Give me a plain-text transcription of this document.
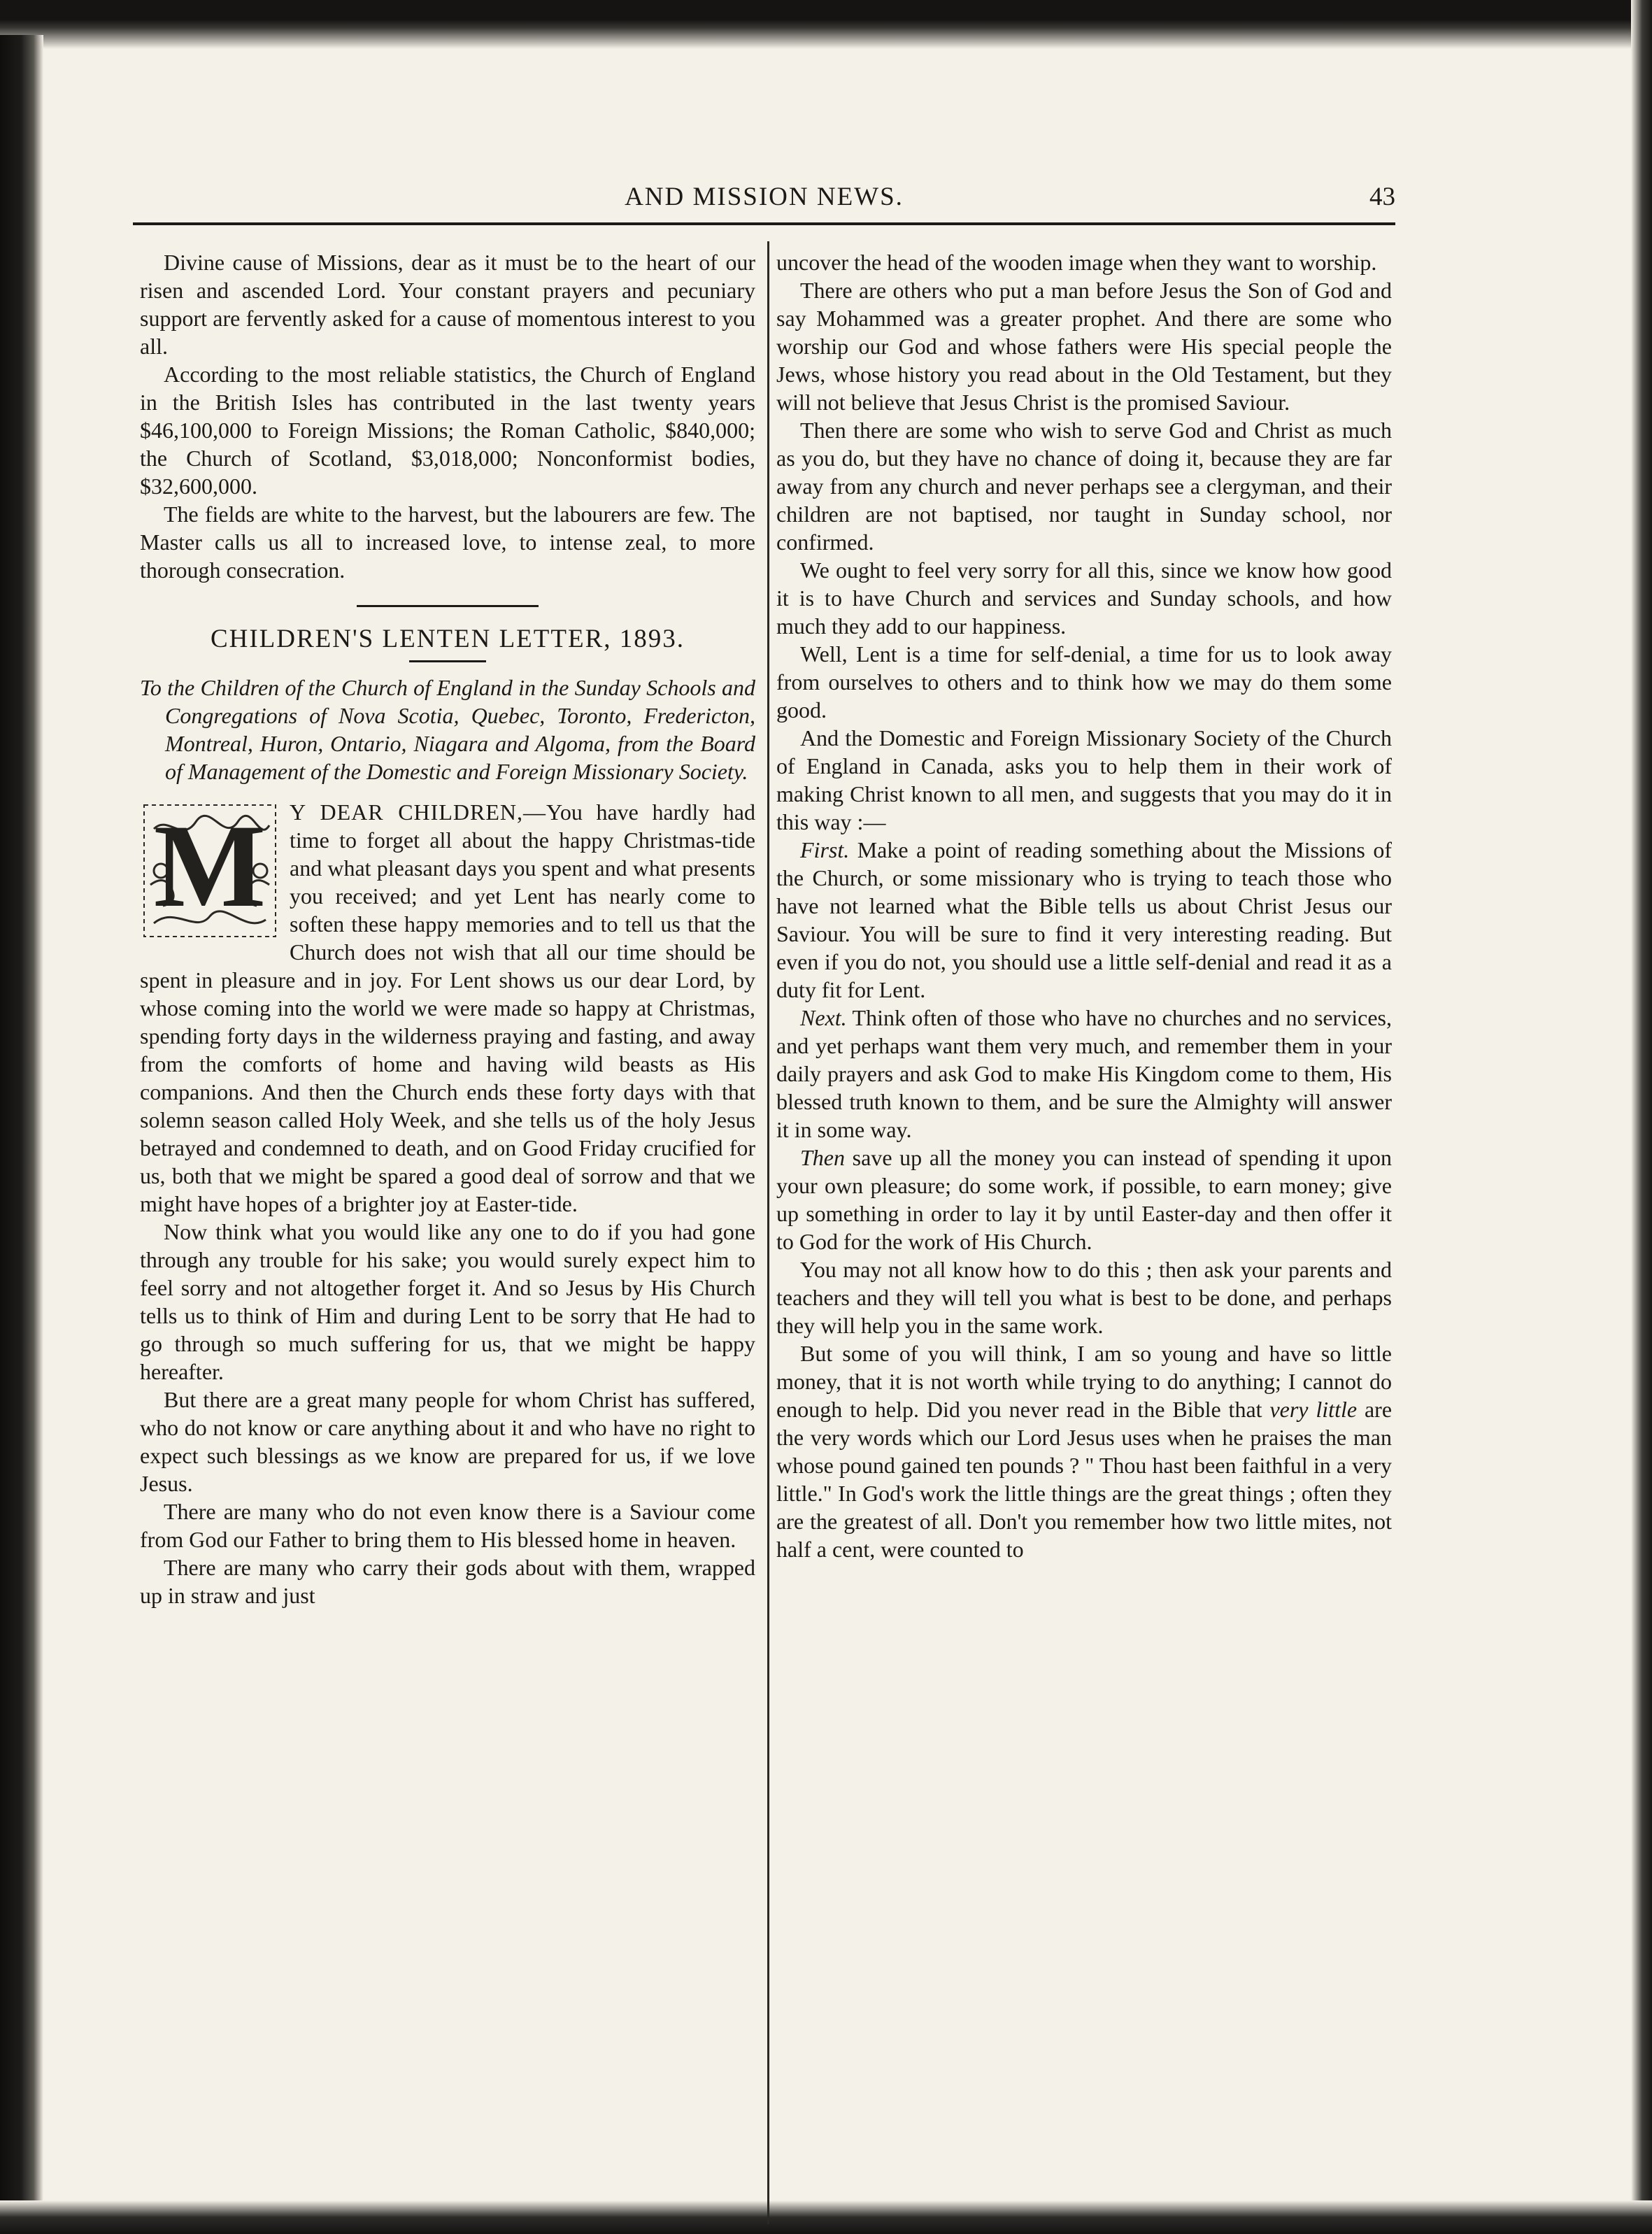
AND MISSION NEWS.	43

Divine cause of Missions, dear as it must be to the heart of our risen and ascended Lord. Your constant prayers and pecuniary support are fervently asked for a cause of momentous interest to you all.

According to the most reliable statistics, the Church of England in the British Isles has contributed in the last twenty years $46,100,000 to Foreign Missions; the Roman Catholic, $840,000; the Church of Scotland, $3,018,000; Nonconformist bodies, $32,600,000.

The fields are white to the harvest, but the labourers are few. The Master calls us all to increased love, to intense zeal, to more thorough consecration.

CHILDREN'S LENTEN LETTER, 1893.

To the Children of the Church of England in the Sunday Schools and Congregations of Nova Scotia, Quebec, Toronto, Fredericton, Montreal, Huron, Ontario, Niagara and Algoma, from the Board of Management of the Domestic and Foreign Missionary Society.

M	Y DEAR CHILDREN,—You have hardly had time to forget all about the happy Christmas-tide and what pleasant days you spent and what presents you received; and yet Lent has nearly come to soften these happy memories and to tell us that the Church does not wish that all our time should be spent in pleasure and in joy. For Lent shows us our dear Lord, by whose coming into the world we were made so happy at Christmas, spending forty days in the wilderness praying and fasting, and away from the comforts of home and having wild beasts as His companions. And then the Church ends these forty days with that solemn season called Holy Week, and she tells us of the holy Jesus betrayed and condemned to death, and on Good Friday crucified for us, both that we might be spared a good deal of sorrow and that we might have hopes of a brighter joy at Easter-tide.

Now think what you would like any one to do if you had gone through any trouble for his sake; you would surely expect him to feel sorry and not altogether forget it. And so Jesus by His Church tells us to think of Him and during Lent to be sorry that He had to go through so much suffering for us, that we might be happy hereafter.

But there are a great many people for whom Christ has suffered, who do not know or care anything about it and who have no right to expect such blessings as we know are prepared for us, if we love Jesus.

There are many who do not even know there is a Saviour come from God our Father to bring them to His blessed home in heaven.

There are many who carry their gods about with them, wrapped up in straw and just

uncover the head of the wooden image when they want to worship.

There are others who put a man before Jesus the Son of God and say Mohammed was a greater prophet. And there are some who worship our God and whose fathers were His special people the Jews, whose history you read about in the Old Testament, but they will not believe that Jesus Christ is the promised Saviour.

Then there are some who wish to serve God and Christ as much as you do, but they have no chance of doing it, because they are far away from any church and never perhaps see a clergyman, and their children are not baptised, nor taught in Sunday school, nor confirmed.

We ought to feel very sorry for all this, since we know how good it is to have Church and services and Sunday schools, and how much they add to our happiness.

Well, Lent is a time for self-denial, a time for us to look away from ourselves to others and to think how we may do them some good.

And the Domestic and Foreign Missionary Society of the Church of England in Canada, asks you to help them in their work of making Christ known to all men, and suggests that you may do it in this way :—

First. Make a point of reading something about the Missions of the Church, or some missionary who is trying to teach those who have not learned what the Bible tells us about Christ Jesus our Saviour. You will be sure to find it very interesting reading. But even if you do not, you should use a little self-denial and read it as a duty fit for Lent.

Next. Think often of those who have no churches and no services, and yet perhaps want them very much, and remember them in your daily prayers and ask God to make His Kingdom come to them, His blessed truth known to them, and be sure the Almighty will answer it in some way.

Then save up all the money you can instead of spending it upon your own pleasure; do some work, if possible, to earn money; give up something in order to lay it by until Easter-day and then offer it to God for the work of His Church.

You may not all know how to do this ; then ask your parents and teachers and they will tell you what is best to be done, and perhaps they will help you in the same work.

But some of you will think, I am so young and have so little money, that it is not worth while trying to do anything; I cannot do enough to help. Did you never read in the Bible that very little are the very words which our Lord Jesus uses when he praises the man whose pound gained ten pounds ? " Thou hast been faithful in a very little." In God's work the little things are the great things ; often they are the greatest of all. Don't you remember how two little mites, not half a cent, were counted to
